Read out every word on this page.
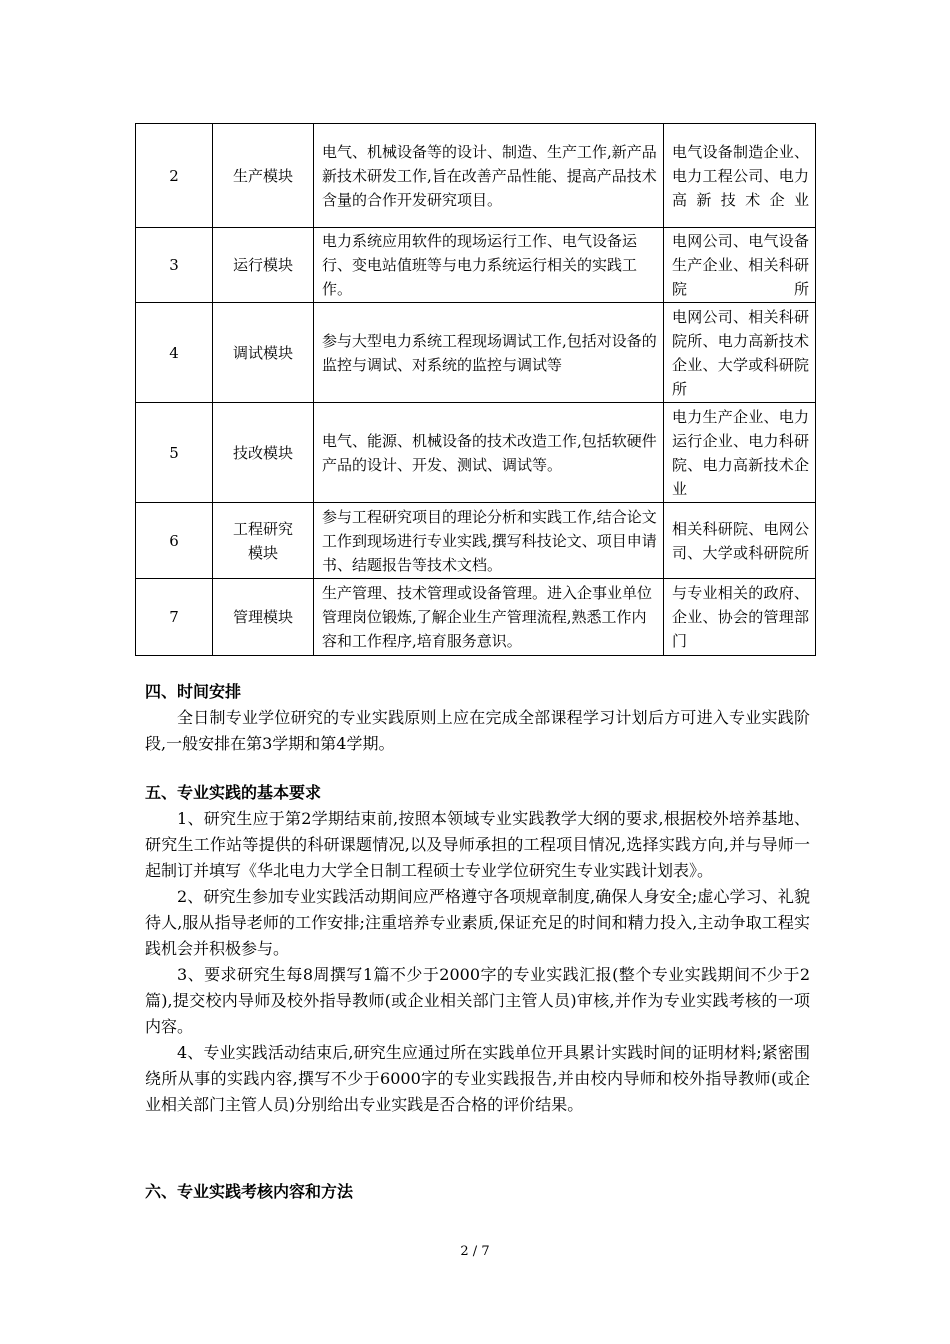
2	生产模块	电气、机械设备等的设计、制造、生产工作,新产品新技术研发工作,旨在改善产品性能、提高产品技术含量的合作开发研究项目。	电气设备制造企业、电力工程公司、电力高新技术企业
3	运行模块	电力系统应用软件的现场运行工作、电气设备运行、变电站值班等与电力系统运行相关的实践工作。	电网公司、电气设备生产企业、相关科研院所
4	调试模块	参与大型电力系统工程现场调试工作,包括对设备的监控与调试、对系统的监控与调试等	电网公司、相关科研院所、电力高新技术企业、大学或科研院所
5	技改模块	电气、能源、机械设备的技术改造工作,包括软硬件产品的设计、开发、测试、调试等。	电力生产企业、电力运行企业、电力科研院、电力高新技术企业
6	工程研究模块	参与工程研究项目的理论分析和实践工作,结合论文工作到现场进行专业实践,撰写科技论文、项目申请书、结题报告等技术文档。	相关科研院、电网公司、大学或科研院所
7	管理模块	生产管理、技术管理或设备管理。进入企事业单位管理岗位锻炼,了解企业生产管理流程,熟悉工作内容和工作程序,培育服务意识。	与专业相关的政府、企业、协会的管理部门
四、时间安排

全日制专业学位研究的专业实践原则上应在完成全部课程学习计划后方可进入专业实践阶段,一般安排在第3学期和第4学期。

五、专业实践的基本要求

1、研究生应于第2学期结束前,按照本领域专业实践教学大纲的要求,根据校外培养基地、研究生工作站等提供的科研课题情况,以及导师承担的工程项目情况,选择实践方向,并与导师一起制订并填写《华北电力大学全日制工程硕士专业学位研究生专业实践计划表》。

2、研究生参加专业实践活动期间应严格遵守各项规章制度,确保人身安全;虚心学习、礼貌待人,服从指导老师的工作安排;注重培养专业素质,保证充足的时间和精力投入,主动争取工程实践机会并积极参与。

3、要求研究生每8周撰写1篇不少于2000字的专业实践汇报(整个专业实践期间不少于2篇),提交校内导师及校外指导教师(或企业相关部门主管人员)审核,并作为专业实践考核的一项内容。

4、专业实践活动结束后,研究生应通过所在实践单位开具累计实践时间的证明材料;紧密围绕所从事的实践内容,撰写不少于6000字的专业实践报告,并由校内导师和校外指导教师(或企业相关部门主管人员)分别给出专业实践是否合格的评价结果。

六、专业实践考核内容和方法
2 / 7
